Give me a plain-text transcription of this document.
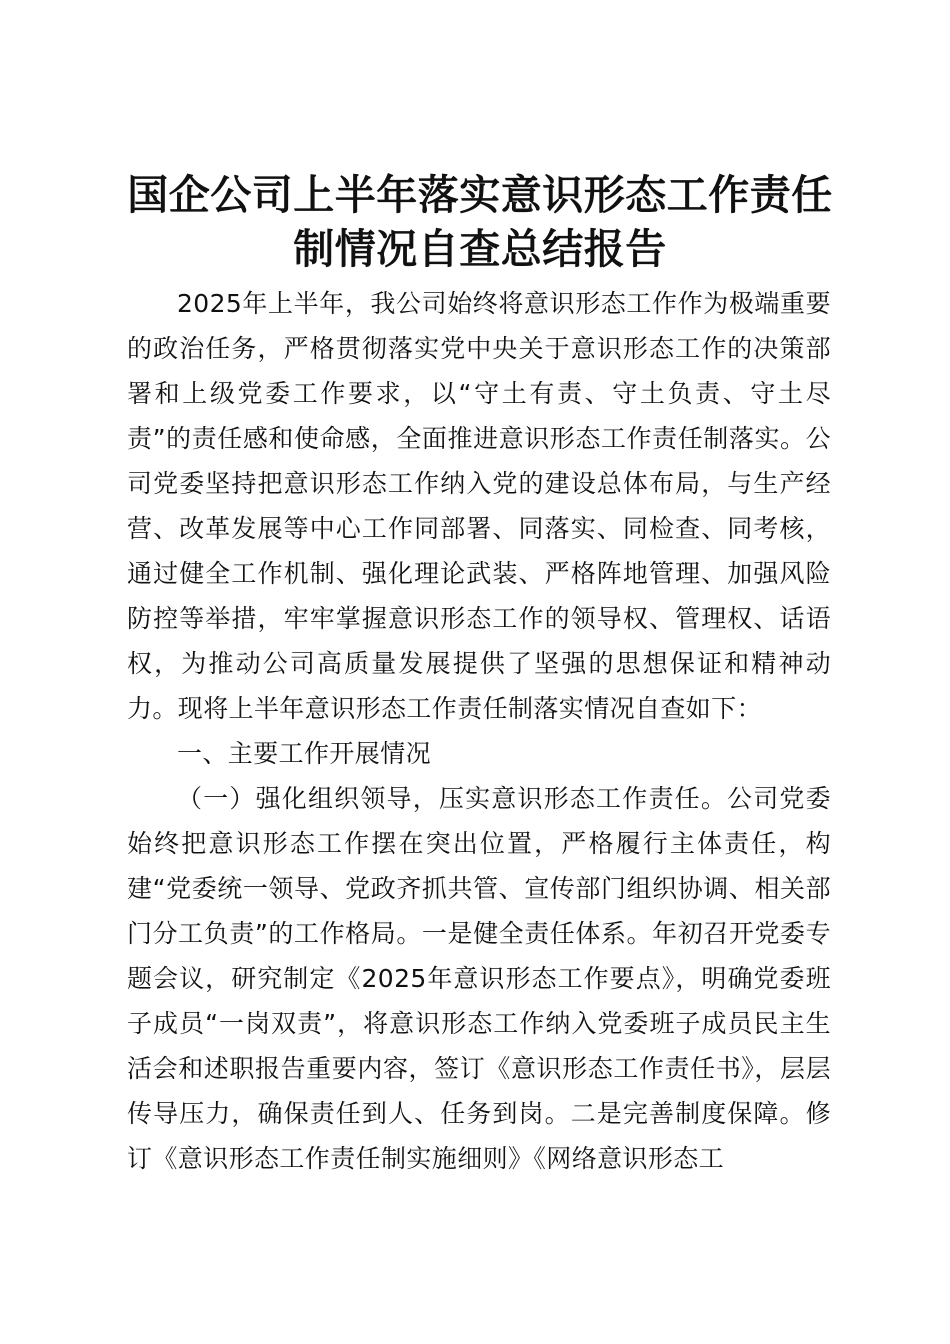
国企公司上半年落实意识形态工作责任制情况自查总结报告

2025年上半年，我公司始终将意识形态工作作为极端重要的政治任务，严格贯彻落实党中央关于意识形态工作的决策部署和上级党委工作要求，以“守土有责、守土负责、守土尽责”的责任感和使命感，全面推进意识形态工作责任制落实。公司党委坚持把意识形态工作纳入党的建设总体布局，与生产经营、改革发展等中心工作同部署、同落实、同检查、同考核，通过健全工作机制、强化理论武装、严格阵地管理、加强风险防控等举措，牢牢掌握意识形态工作的领导权、管理权、话语权，为推动公司高质量发展提供了坚强的思想保证和精神动力。现将上半年意识形态工作责任制落实情况自查如下：

一、主要工作开展情况

（一）强化组织领导，压实意识形态工作责任。公司党委始终把意识形态工作摆在突出位置，严格履行主体责任，构建“党委统一领导、党政齐抓共管、宣传部门组织协调、相关部门分工负责”的工作格局。一是健全责任体系。年初召开党委专题会议，研究制定《2025年意识形态工作要点》，明确党委班子成员“一岗双责”，将意识形态工作纳入党委班子成员民主生活会和述职报告重要内容，签订《意识形态工作责任书》，层层传导压力，确保责任到人、任务到岗。二是完善制度保障。修订《意识形态工作责任制实施细则》《网络意识形态工
